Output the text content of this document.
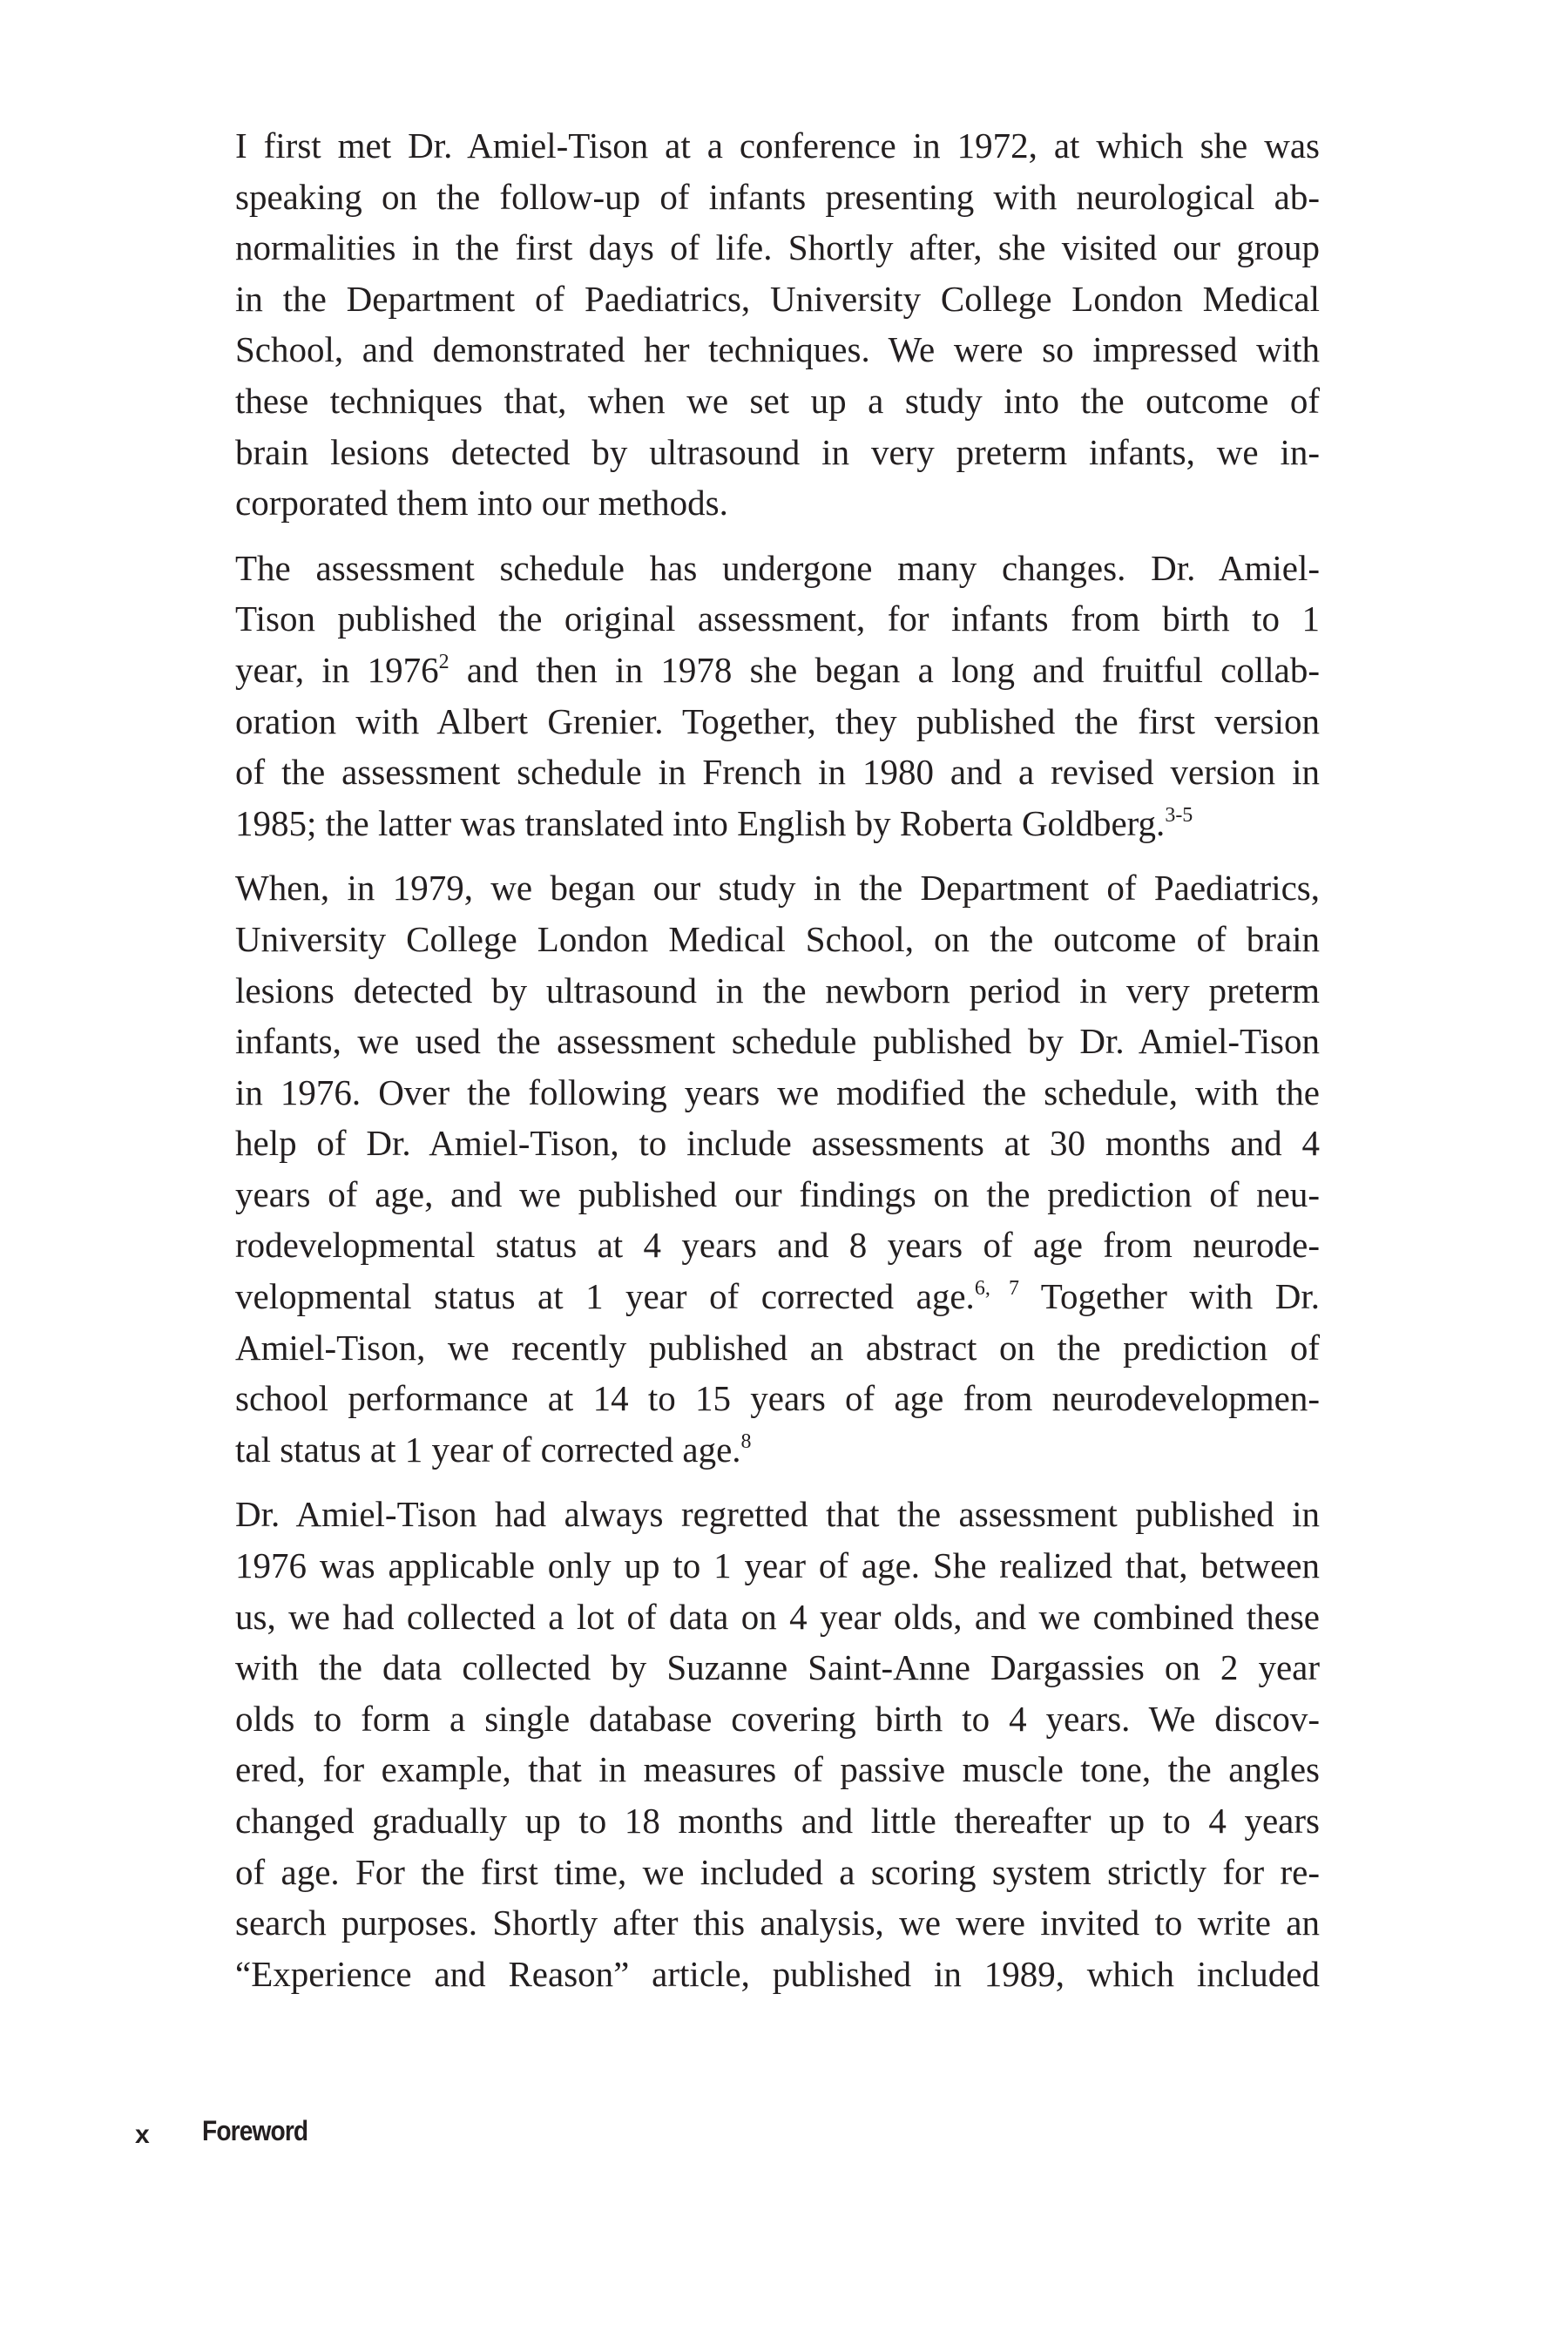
I first met Dr. Amiel-Tison at a conference in 1972, at which she was
speaking on the follow-up of infants presenting with neurological ab-
normalities in the first days of life. Shortly after, she visited our group
in the Department of Paediatrics, University College London Medical
School, and demonstrated her techniques. We were so impressed with
these techniques that, when we set up a study into the outcome of
brain lesions detected by ultrasound in very preterm infants, we in-
corporated them into our methods.
The assessment schedule has undergone many changes. Dr. Amiel-
Tison published the original assessment, for infants from birth to 1
year, in 1976$^2$ and then in 1978 she began a long and fruitful collab-
oration with Albert Grenier. Together, they published the first version
of the assessment schedule in French in 1980 and a revised version in
1985; the latter was translated into English by Roberta Goldberg.$^{3-5}$
When, in 1979, we began our study in the Department of Paediatrics,
University College London Medical School, on the outcome of brain
lesions detected by ultrasound in the newborn period in very preterm
infants, we used the assessment schedule published by Dr. Amiel-Tison
in 1976. Over the following years we modified the schedule, with the
help of Dr. Amiel-Tison, to include assessments at 30 months and 4
years of age, and we published our findings on the prediction of neu-
rodevelopmental status at 4 years and 8 years of age from neurode-
velopmental status at 1 year of corrected age.$^{6, 7}$ Together with Dr.
Amiel-Tison, we recently published an abstract on the prediction of
school performance at 14 to 15 years of age from neurodevelopmen-
tal status at 1 year of corrected age.$^8$
Dr. Amiel-Tison had always regretted that the assessment published in
1976 was applicable only up to 1 year of age. She realized that, between
us, we had collected a lot of data on 4 year olds, and we combined these
with the data collected by Suzanne Saint-Anne Dargassies on 2 year
olds to form a single database covering birth to 4 years. We discov-
ered, for example, that in measures of passive muscle tone, the angles
changed gradually up to 18 months and little thereafter up to 4 years
of age. For the first time, we included a scoring system strictly for re-
search purposes. Shortly after this analysis, we were invited to write an
“Experience and Reason” article, published in 1989, which included
x Foreword
